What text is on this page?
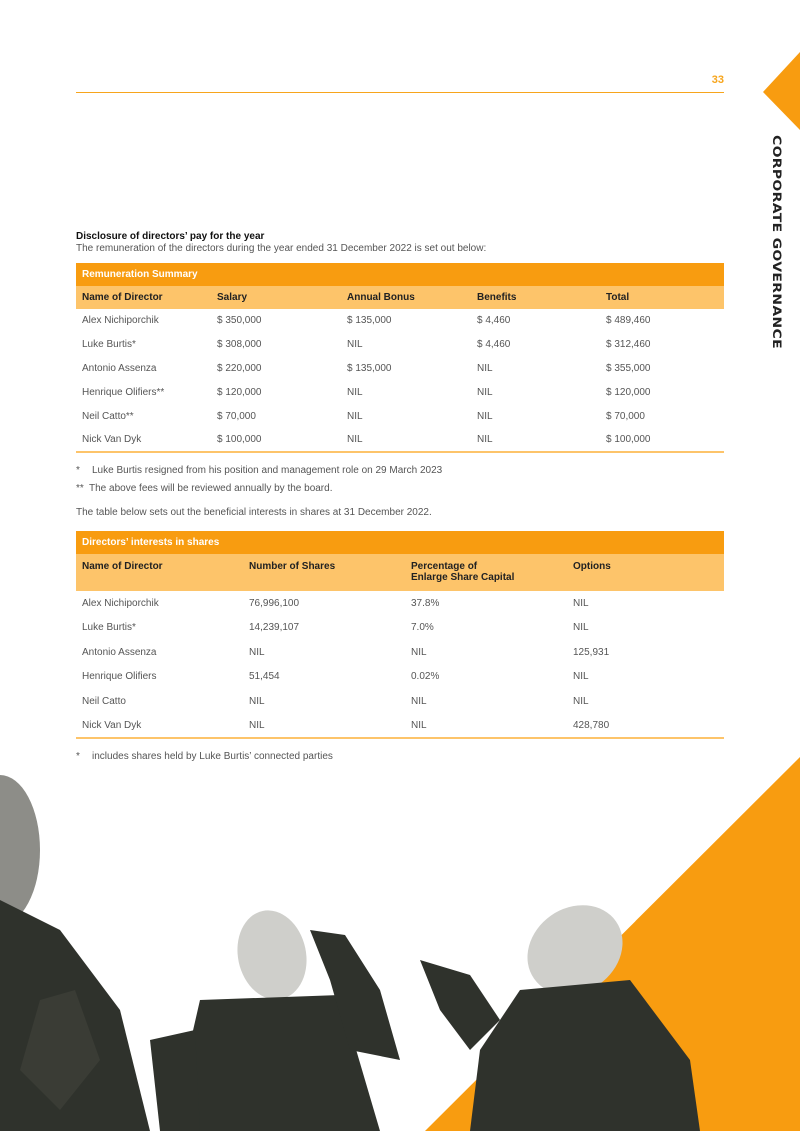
33
CORPORATE GOVERNANCE
Disclosure of directors’ pay for the year
The remuneration of the directors during the year ended 31 December 2022 is set out below:
Remuneration Summary				
Name of Director	Salary	Annual Bonus	Benefits	Total
Alex Nichiporchik	$ 350,000	$ 135,000	$ 4,460	$ 489,460
Luke Burtis*	$ 308,000	NIL	$ 4,460	$ 312,460
Antonio Assenza	$ 220,000	$ 135,000	NIL	$ 355,000
Henrique Olifiers**	$ 120,000	NIL	NIL	$ 120,000
Neil Catto**	$ 70,000	NIL	NIL	$ 70,000
Nick Van Dyk	$ 100,000	NIL	NIL	$ 100,000
* Luke Burtis resigned from his position and management role on 29 March 2023
** The above fees will be reviewed annually by the board.
The table below sets out the beneficial interests in shares at 31 December 2022.
Directors’ interests in shares			
Name of Director	Number of Shares	Percentage of
Enlarge Share Capital	Options
Alex Nichiporchik	76,996,100	37.8%	NIL
Luke Burtis*	14,239,107	7.0%	NIL
Antonio Assenza	NIL	NIL	125,931
Henrique Olifiers	51,454	0.02%	NIL
Neil Catto	NIL	NIL	NIL
Nick Van Dyk	NIL	NIL	428,780
* includes shares held by Luke Burtis’ connected parties
